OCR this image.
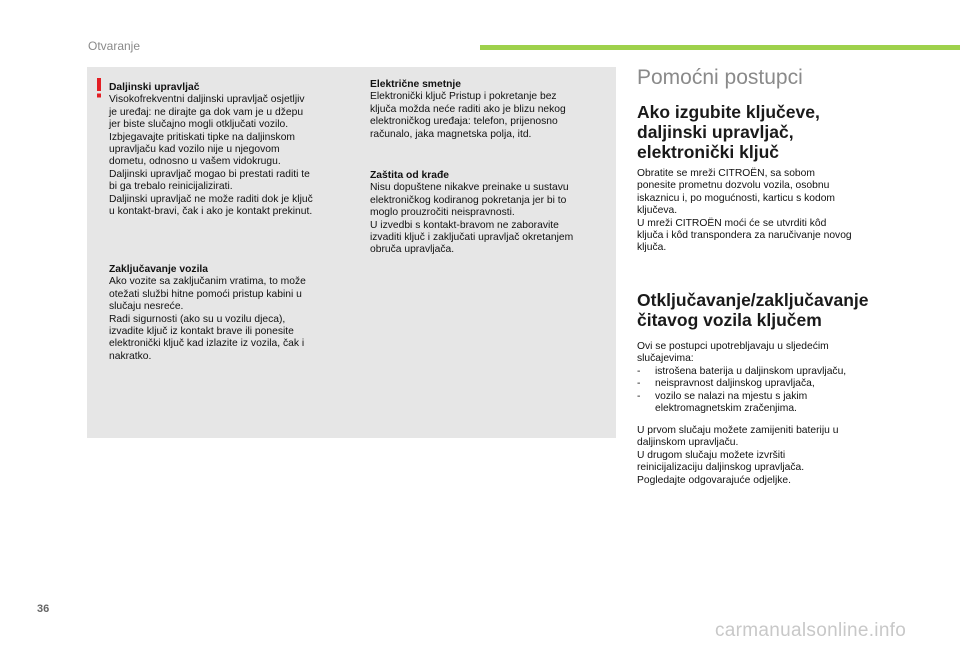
Otvaranje
Daljinski upravljač

Visokofrekventni daljinski upravljač osjetljiv
je uređaj: ne dirajte ga dok vam je u džepu
jer biste slučajno mogli otključati vozilo.
Izbjegavajte pritiskati tipke na daljinskom
upravljaču kad vozilo nije u njegovom
dometu, odnosno u vašem vidokrugu.
Daljinski upravljač mogao bi prestati raditi te
bi ga trebalo reinicijalizirati.
Daljinski upravljač ne može raditi dok je ključ
u kontakt-bravi, čak i ako je kontakt prekinut.

Zaključavanje vozila

Ako vozite sa zaključanim vratima, to može
otežati službi hitne pomoći pristup kabini u
slučaju nesreće.
Radi sigurnosti (ako su u vozilu djeca),
izvadite ključ iz kontakt brave ili ponesite
elektronički ključ kad izlazite iz vozila, čak i
nakratko.

Električne smetnje

Elektronički ključ Pristup i pokretanje bez
ključa možda neće raditi ako je blizu nekog
elektroničkog uređaja: telefon, prijenosno
računalo, jaka magnetska polja, itd.

Zaštita od krađe

Nisu dopuštene nikakve preinake u sustavu
elektroničkog kodiranog pokretanja jer bi to
moglo prouzročiti neispravnosti.
U izvedbi s kontakt-bravom ne zaboravite
izvaditi ključ i zaključati upravljač okretanjem
obruča upravljača.

Pomoćni postupci
Ako izgubite ključeve,
daljinski upravljač,
elektronički ključ

Obratite se mreži CITROËN, sa sobom
ponesite prometnu dozvolu vozila, osobnu
iskaznicu i, po mogućnosti, karticu s kodom
ključeva.
U mreži CITROËN moći će se utvrditi kôd
ključa i kôd transpondera za naručivanje novog
ključa.

Otključavanje/zaključavanje
čitavog vozila ključem

Ovi se postupci upotrebljavaju u sljedećim
slučajevima:

- istrošena baterija u daljinskom upravljaču,
- neispravnost daljinskog upravljača,
- vozilo se nalazi na mjestu s jakim
elektromagnetskim zračenjima.

U prvom slučaju možete zamijeniti bateriju u
daljinskom upravljaču.
U drugom slučaju možete izvršiti
reinicijalizaciju daljinskog upravljača.
Pogledajte odgovarajuće odjeljke.

36
carmanualsonline.info
